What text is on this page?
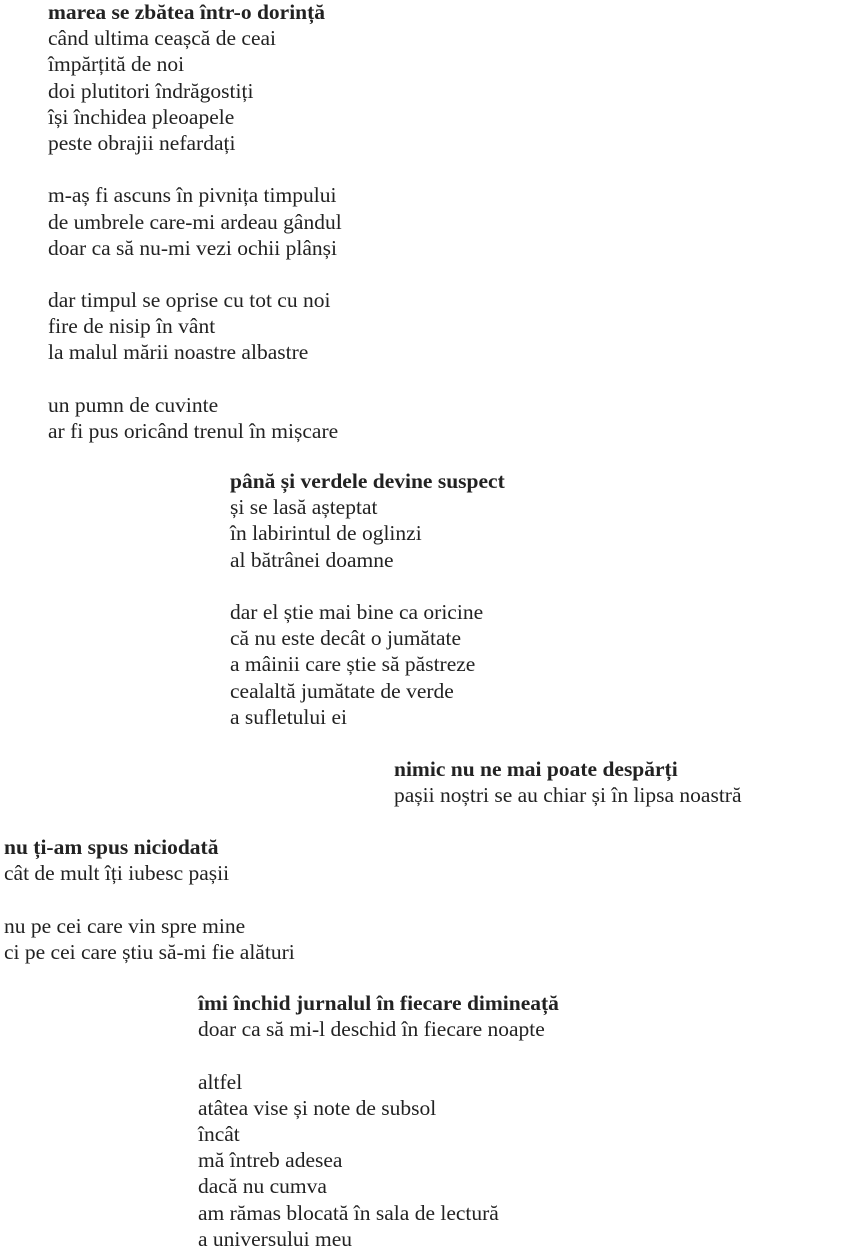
marea se zbătea într-o dorință
când ultima ceașcă de ceai
împărțită de noi
doi plutitori îndrăgostiți
își închidea pleoapele
peste obrajii nefardați
m-aș fi ascuns în pivnița timpului
de umbrele care-mi ardeau gândul
doar ca să nu-mi vezi ochii plânși
dar timpul se oprise cu tot cu noi
fire de nisip în vânt
la malul mării noastre albastre
un pumn de cuvinte
ar fi pus oricând trenul în mișcare
până și verdele devine suspect
și se lasă așteptat
în labirintul de oglinzi
al bătrânei doamne
dar el știe mai bine ca oricine
că nu este decât o jumătate
a mâinii care știe să păstreze
cealaltă jumătate de verde
a sufletului ei
nimic nu ne mai poate despărți
pașii noștri se au chiar și în lipsa noastră
nu ți-am spus niciodată
cât de mult îți iubesc pașii
nu pe cei care vin spre mine
ci pe cei care știu să-mi fie alături
îmi închid jurnalul în fiecare dimineață
doar ca să mi-l deschid în fiecare noapte
altfel
atâtea vise și note de subsol
încât
mă întreb adesea
dacă nu cumva
am rămas blocată în sala de lectură
a universului meu
